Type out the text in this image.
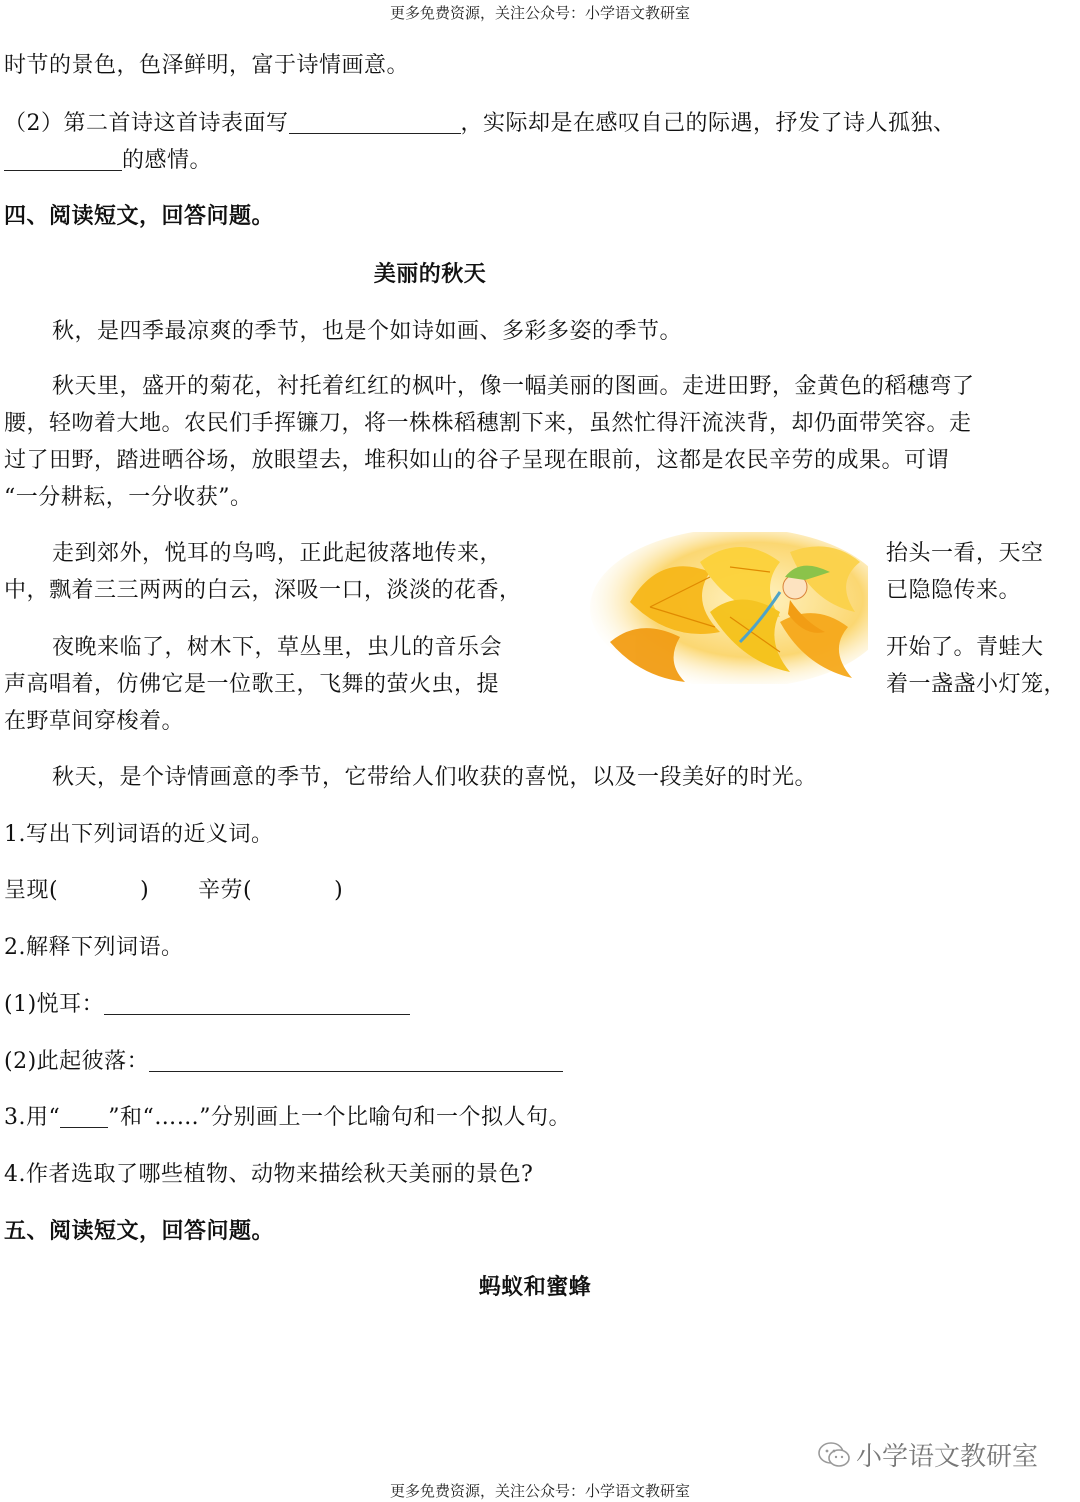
更多免费资源，关注公众号：小学语文教研室
时节的景色，色泽鲜明，富于诗情画意。
（2）第二首诗这首诗表面写	，实际却是在感叹自己的际遇，抒发了诗人孤独、
的感情。
四、阅读短文，回答问题。
美丽的秋天
秋，是四季最凉爽的季节，也是个如诗如画、多彩多姿的季节。
秋天里，盛开的菊花，衬托着红红的枫叶，像一幅美丽的图画。走进田野，金黄色的稻穗弯了
腰，轻吻着大地。农民们手挥镰刀，将一株株稻穗割下来，虽然忙得汗流浃背，却仍面带笑容。走
过了田野，踏进晒谷场，放眼望去，堆积如山的谷子呈现在眼前，这都是农民辛劳的成果。可谓
“一分耕耘，一分收获”。
走到郊外，悦耳的鸟鸣，正此起彼落地传来，	抬头一看，天空
中，飘着三三两两的白云，深吸一口，淡淡的花香，	已隐隐传来。
夜晚来临了，树木下，草丛里，虫儿的音乐会	开始了。青蛙大
声高唱着，仿佛它是一位歌王，飞舞的萤火虫，提	着一盏盏小灯笼，
在野草间穿梭着。
秋天，是个诗情画意的季节，它带给人们收获的喜悦，以及一段美好的时光。
1.写出下列词语的近义词。
呈现(	) 辛劳(	)
2.解释下列词语。
(1)悦耳：
(2)此起彼落：
3.用“ ”和“……”分别画上一个比喻句和一个拟人句。
4.作者选取了哪些植物、动物来描绘秋天美丽的景色?
五、阅读短文，回答问题。
蚂蚁和蜜蜂
小学语文教研室
更多免费资源，关注公众号：小学语文教研室
